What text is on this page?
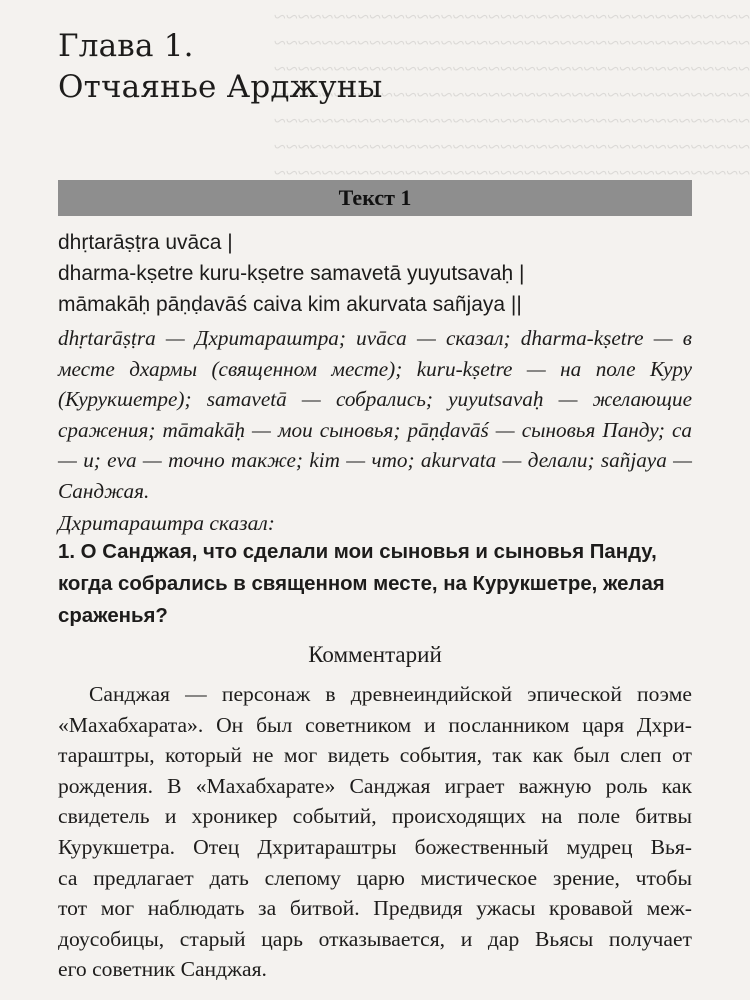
~~~~~~~~~~~~~~~~~~~~~~~~~~~~~~~~~~~~~~~~
~~~~~~~~~~~~~~~~~~~~~~~~~~~~~~~~~~~~~~~~
~~~~~~~~~~~~~~~~~~~~~~~~~~~~~~~~~~~~~~~~
~~~~~~~~~~~~~~~~~~~~~~~~~~~~~~~~~~~~~~~~
~~~~~~~~~~~~~~~~~~~~~~~~~~~~~~~~~~~~~~~~
~~~~~~~~~~~~~~~~~~~~~~~~~~~~~~~~~~~~~~~~
~~~~~~~~~~~~~~~~~~~~~~~~~~~~~~~~~~~~~~~~
Глава 1.
Отчаянье Арджуны
Текст 1
dhṛtarāṣṭra uvāca |
dharma-kṣetre kuru-kṣetre samavetā yuyutsavaḥ |
māmakāḥ pāṇḍavāś caiva kim akurvata sañjaya ||
dhṛtarāṣṭra — Дхритараштра; uvāca — сказал; dharma-kṣetre — в месте дхармы (священном месте); kuru-kṣetre — на поле Куру (Курукшетре); samavetā — собрались; yuyutsavaḥ — желающие сражения; māmakāḥ — мои сыновья; pāṇḍavāś — сыновья Панду; ca — и; eva — точно также; kim — что; akurvata — делали; sañjaya — Санджая.
Дхритараштра сказал:
1. О Санджая, что сделали мои сыновья и сыновья Панду,
когда собрались в священном месте, на Курукшетре, желая
сраженья?
Комментарий
Санджая — персонаж в древнеиндийской эпической поэме
«Махабхарата». Он был советником и посланником царя Дхри-
тараштры, который не мог видеть события, так как был слеп от
рождения. В «Махабхарате» Санджая играет важную роль как
свидетель и хроникер событий, происходящих на поле битвы
Курукшетра. Отец Дхритараштры божественный мудрец Вья-
са предлагает дать слепому царю мистическое зрение, чтобы
тот мог наблюдать за битвой. Предвидя ужасы кровавой меж-
доусобицы, старый царь отказывается, и дар Вьясы получает
его советник Санджая.
